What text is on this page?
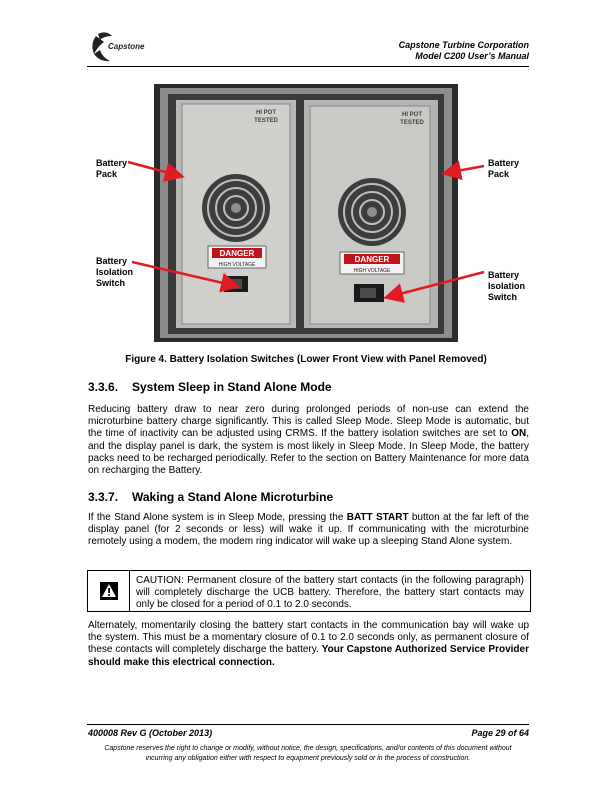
Capstone	Capstone Turbine Corporation
Model C200 User’s Manual
DANGER
HIGH VOLTAGE
HI POT
TESTED
DANGER
HIGH VOLTAGE
HI POT
TESTED
Battery
Pack
Battery
Pack
Battery
Isolation
Switch
Battery
Isolation
Switch
Figure 4. Battery Isolation Switches (Lower Front View with Panel Removed)
3.3.6. System Sleep in Stand Alone Mode

Reducing battery draw to near zero during prolonged periods of non-use can extend the microturbine battery charge significantly. This is called Sleep Mode. Sleep Mode is automatic, but the time of inactivity can be adjusted using CRMS. If the battery isolation switches are set to ON, and the display panel is dark, the system is most likely in Sleep Mode. In Sleep Mode, the battery packs need to be recharged periodically. Refer to the section on Battery Maintenance for more data on recharging the Battery.

3.3.7. Waking a Stand Alone Microturbine

If the Stand Alone system is in Sleep Mode, pressing the BATT START button at the far left of the display panel (for 2 seconds or less) will wake it up. If communicating with the microturbine remotely using a modem, the modem ring indicator will wake up a sleeping Stand Alone system.

CAUTION: Permanent closure of the battery start contacts (in the following paragraph) will completely discharge the UCB battery. Therefore, the battery start contacts may only be closed for a period of 0.1 to 2.0 seconds.

Alternately, momentarily closing the battery start contacts in the communication bay will wake up the system. This must be a momentary closure of 0.1 to 2.0 seconds only, as permanent closure of these contacts will completely discharge the battery. Your Capstone Authorized Service Provider should make this electrical connection.

400008 Rev G (October 2013)	Page 29 of 64
Capstone reserves the right to change or modify, without notice, the design, specifications, and/or contents of this document without
incurring any obligation either with respect to equipment previously sold or in the process of construction.
